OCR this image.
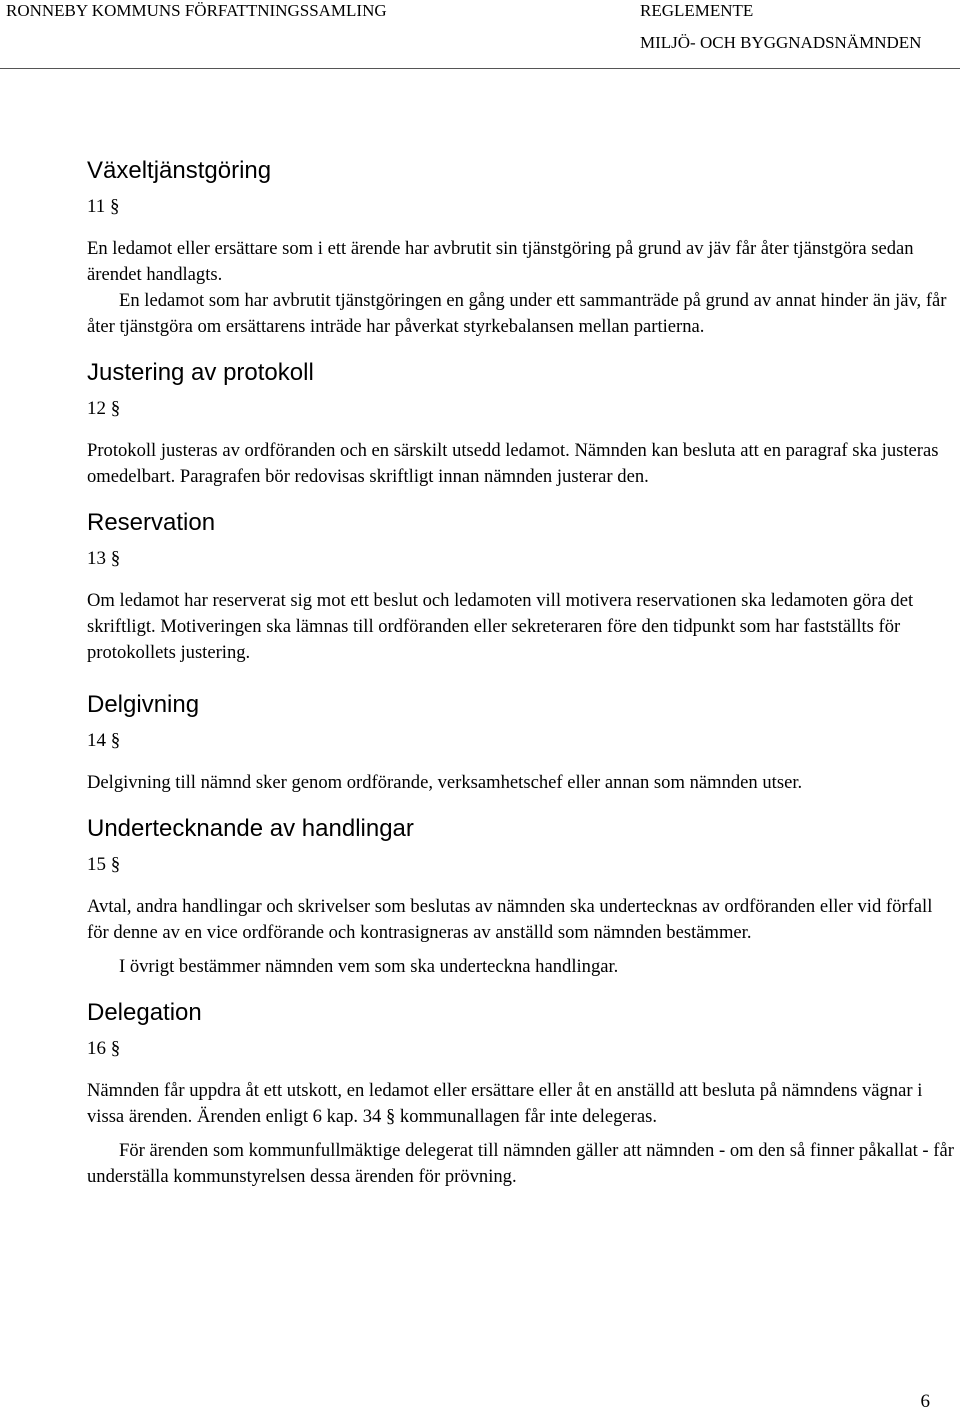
RONNEBY KOMMUNS FÖRFATTNINGSSAMLING	REGLEMENTE
MILJÖ- OCH BYGGNADSNÄMNDEN
Växeltjänstgöring
11 §

En ledamot eller ersättare som i ett ärende har avbrutit sin tjänstgöring på grund av jäv får åter tjänstgöra sedan ärendet handlagts.

En ledamot som har avbrutit tjänstgöringen en gång under ett sammanträde på grund av annat hinder än jäv, får åter tjänstgöra om ersättarens inträde har påverkat styrkebalansen mellan partierna.

Justering av protokoll
12 §

Protokoll justeras av ordföranden och en särskilt utsedd ledamot. Nämnden kan besluta att en paragraf ska justeras omedelbart. Paragrafen bör redovisas skriftligt innan nämnden justerar den.

Reservation
13 §

Om ledamot har reserverat sig mot ett beslut och ledamoten vill motivera reservationen ska ledamoten göra det skriftligt. Motiveringen ska lämnas till ordföranden eller sekreteraren före den tidpunkt som har fastställts för protokollets justering.

Delgivning
14 §

Delgivning till nämnd sker genom ordförande, verksamhetschef eller annan som nämnden utser.

Undertecknande av handlingar
15 §

Avtal, andra handlingar och skrivelser som beslutas av nämnden ska undertecknas av ordföranden eller vid förfall för denne av en vice ordförande och kontrasigneras av anställd som nämnden bestämmer.

I övrigt bestämmer nämnden vem som ska underteckna handlingar.

Delegation
16 §

Nämnden får uppdra åt ett utskott, en ledamot eller ersättare eller åt en anställd att besluta på nämndens vägnar i vissa ärenden. Ärenden enligt 6 kap. 34 § kommunallagen får inte delegeras.

För ärenden som kommunfullmäktige delegerat till nämnden gäller att nämnden - om den så finner påkallat - får underställa kommunstyrelsen dessa ärenden för prövning.

6
